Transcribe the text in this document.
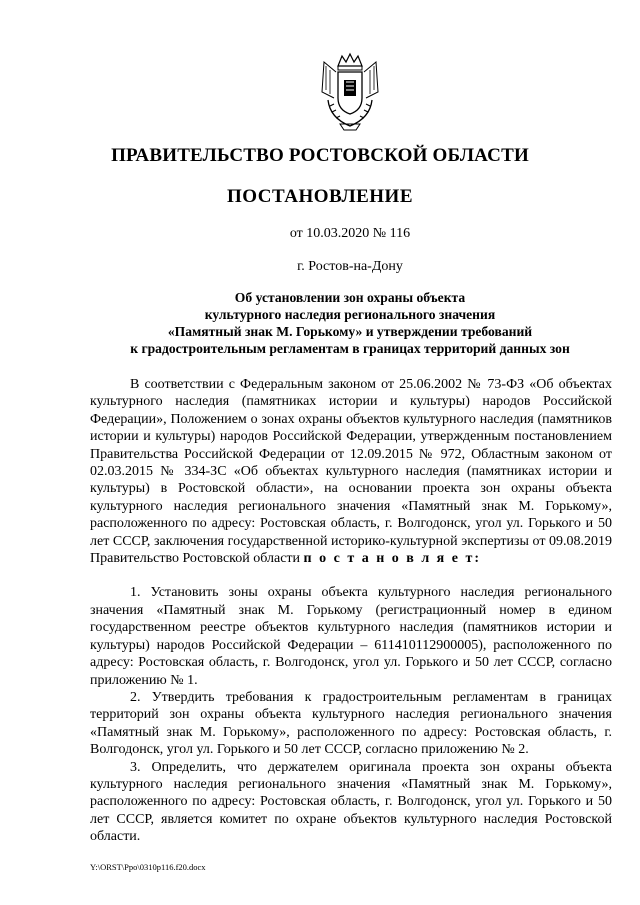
ПРАВИТЕЛЬСТВО РОСТОВСКОЙ ОБЛАСТИ
ПОСТАНОВЛЕНИЕ
от 10.03.2020 № 116
г. Ростов-на-Дону
Об установлении зон охраны объекта
культурного наследия регионального значения
«Памятный знак М. Горькому» и утверждении требований
к градостроительным регламентам в границах территорий данных зон

В соответствии с Федеральным законом от 25.06.2002 № 73-ФЗ «Об объектах культурного наследия (памятниках истории и культуры) народов Российской Федерации», Положением о зонах охраны объектов культурного наследия (памятников истории и культуры) народов Российской Федерации, утвержденным постановлением Правительства Российской Федерации от 12.09.2015 № 972, Областным законом от 02.03.2015 № 334-ЗС «Об объектах культурного наследия (памятниках истории и культуры) в Ростовской области», на основании проекта зон охраны объекта культурного наследия регионального значения «Памятный знак М. Горькому», расположенного по адресу: Ростовская область, г. Волгодонск, угол ул. Горького и 50 лет СССР, заключения государственной историко-культурной экспертизы от 09.08.2019 Правительство Ростовской области п о с т а н о в л я е т:

1. Установить зоны охраны объекта культурного наследия регионального значения «Памятный знак М. Горькому (регистрационный номер в едином государственном реестре объектов культурного наследия (памятников истории и культуры) народов Российской Федерации – 611410112900005), расположенного по адресу: Ростовская область, г. Волгодонск, угол ул. Горького и 50 лет СССР, согласно приложению № 1.

2. Утвердить требования к градостроительным регламентам в границах территорий зон охраны объекта культурного наследия регионального значения «Памятный знак М. Горькому», расположенного по адресу: Ростовская область, г. Волгодонск, угол ул. Горького и 50 лет СССР, согласно приложению № 2.

3. Определить, что держателем оригинала проекта зон охраны объекта культурного наследия регионального значения «Памятный знак М. Горькому», расположенного по адресу: Ростовская область, г. Волгодонск, угол ул. Горького и 50 лет СССР, является комитет по охране объектов культурного наследия Ростовской области.

Y:\ORST\Ppo\0310p116.f20.docx
